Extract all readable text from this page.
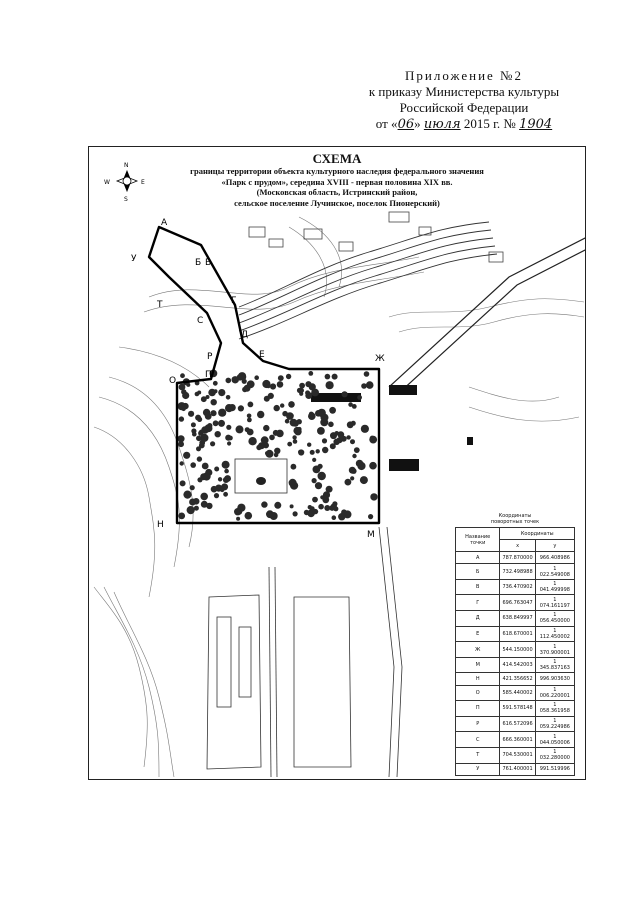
Приложение №2
к приказу Министерства культуры
Российской Федерации
от «06» июля 2015 г. № 1904
СХЕМА
границы территории объекта культурного наследия федерального значения
«Парк с прудом», середина XVIII - первая половина XIX вв.
(Московская область, Истринский район,
сельское поселение Лучинское, поселок Пионерский)
N
S
W	E
А
Б В
Г
Д
Е	Ж
М
Н
О
П
Р
С
Т
У
Координаты
поворотных точек
Название точки	Координаты	
	x	y
А	787.870000	966.408986
Б	732.498988	1 022.549008
В	736.470902	1 041.499998
Г	696.763047	1 074.161197
Д	638.849997	1 056.450000
Е	618.670001	1 112.450002
Ж	544.150000	1 370.900001
М	414.542003	1 345.837163
Н	421.356652	996.903630
О	585.440002	1 006.220001
П	591.578148	1 058.361958
Р	616.572096	1 059.224986
С	666.360001	1 044.050006
Т	704.530001	1 032.280000
У	761.400001	991.519996
